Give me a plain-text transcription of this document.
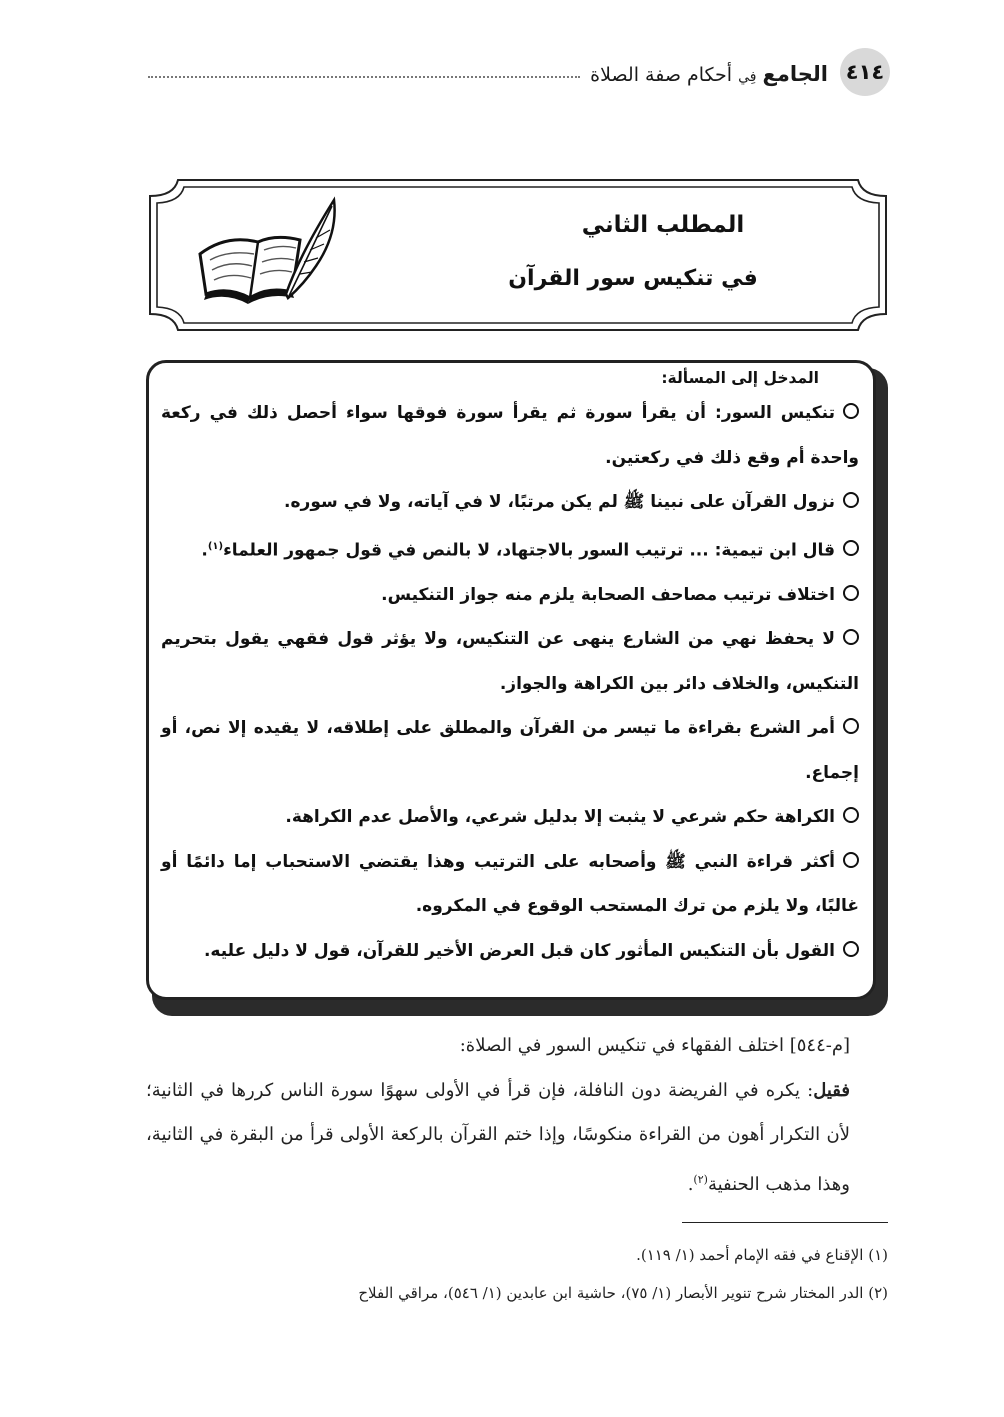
٤١٤
الجامع فِي أحكام صفة الصلاة
المطلب الثاني
في تنكيس سور القرآن
المدخل إلى المسألة:

تنكيس السور: أن يقرأ سورة ثم يقرأ سورة فوقها سواء أحصل ذلك في ركعة واحدة أم وقع ذلك في ركعتين.

نزول القرآن على نبينا ﷺ لم يكن مرتبًا، لا في آياته، ولا في سوره.

قال ابن تيمية: ... ترتيب السور بالاجتهاد، لا بالنص في قول جمهور العلماء$^{(١)}$.

اختلاف ترتيب مصاحف الصحابة يلزم منه جواز التنكيس.

لا يحفظ نهي من الشارع ينهى عن التنكيس، ولا يؤثر قول فقهي يقول بتحريم التنكيس، والخلاف دائر بين الكراهة والجواز.

أمر الشرع بقراءة ما تيسر من القرآن والمطلق على إطلاقه، لا يقيده إلا نص، أو إجماع.

الكراهة حكم شرعي لا يثبت إلا بدليل شرعي، والأصل عدم الكراهة.

أكثر قراءة النبي ﷺ وأصحابه على الترتيب وهذا يقتضي الاستحباب إما دائمًا أو غالبًا، ولا يلزم من ترك المستحب الوقوع في المكروه.

القول بأن التنكيس المأثور كان قبل العرض الأخير للقرآن، قول لا دليل عليه.

[م-٥٤٤] اختلف الفقهاء في تنكيس السور في الصلاة:

فقيل: يكره في الفريضة دون النافلة، فإن قرأ في الأولى سهوًا سورة الناس كررها في الثانية؛ لأن التكرار أهون من القراءة منكوسًا، وإذا ختم القرآن بالركعة الأولى قرأ من البقرة في الثانية، وهذا مذهب الحنفية$^{(٢)}$.

(١) الإقناع في فقه الإمام أحمد (١/ ١١٩).

(٢) الدر المختار شرح تنوير الأبصار (١/ ٧٥)، حاشية ابن عابدين (١/ ٥٤٦)، مراقي الفلاح
